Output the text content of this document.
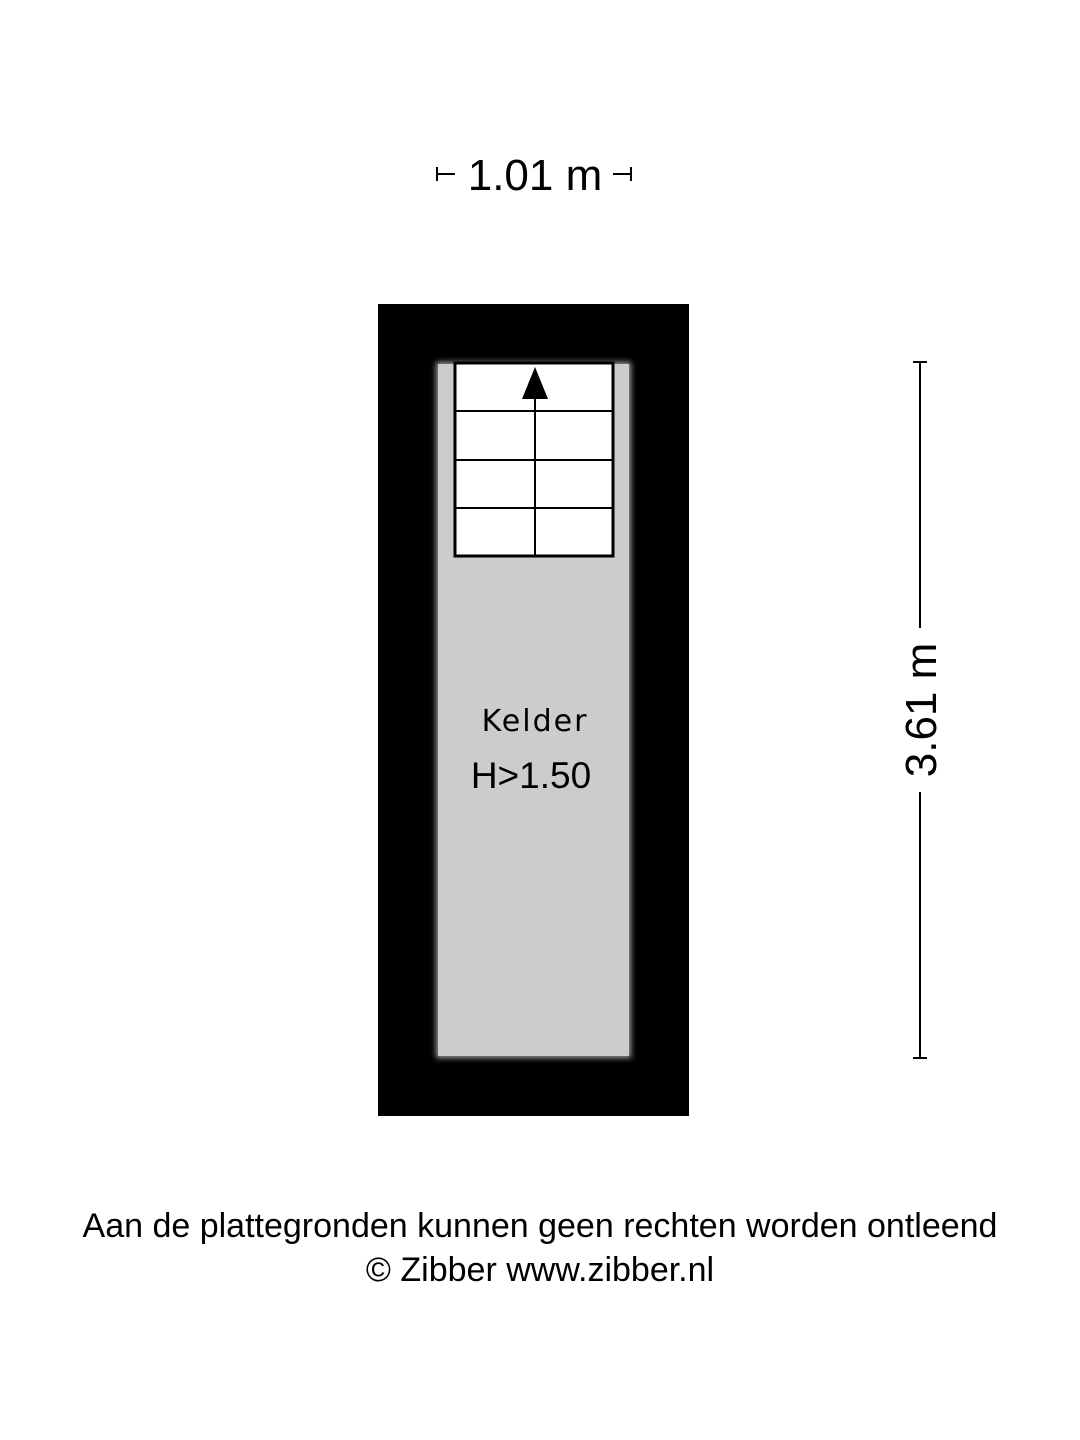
1.01 m
Kelder
H>1.50	3.61 m
Aan de plattegronden kunnen geen rechten worden ontleend
© Zibber www.zibber.nl
